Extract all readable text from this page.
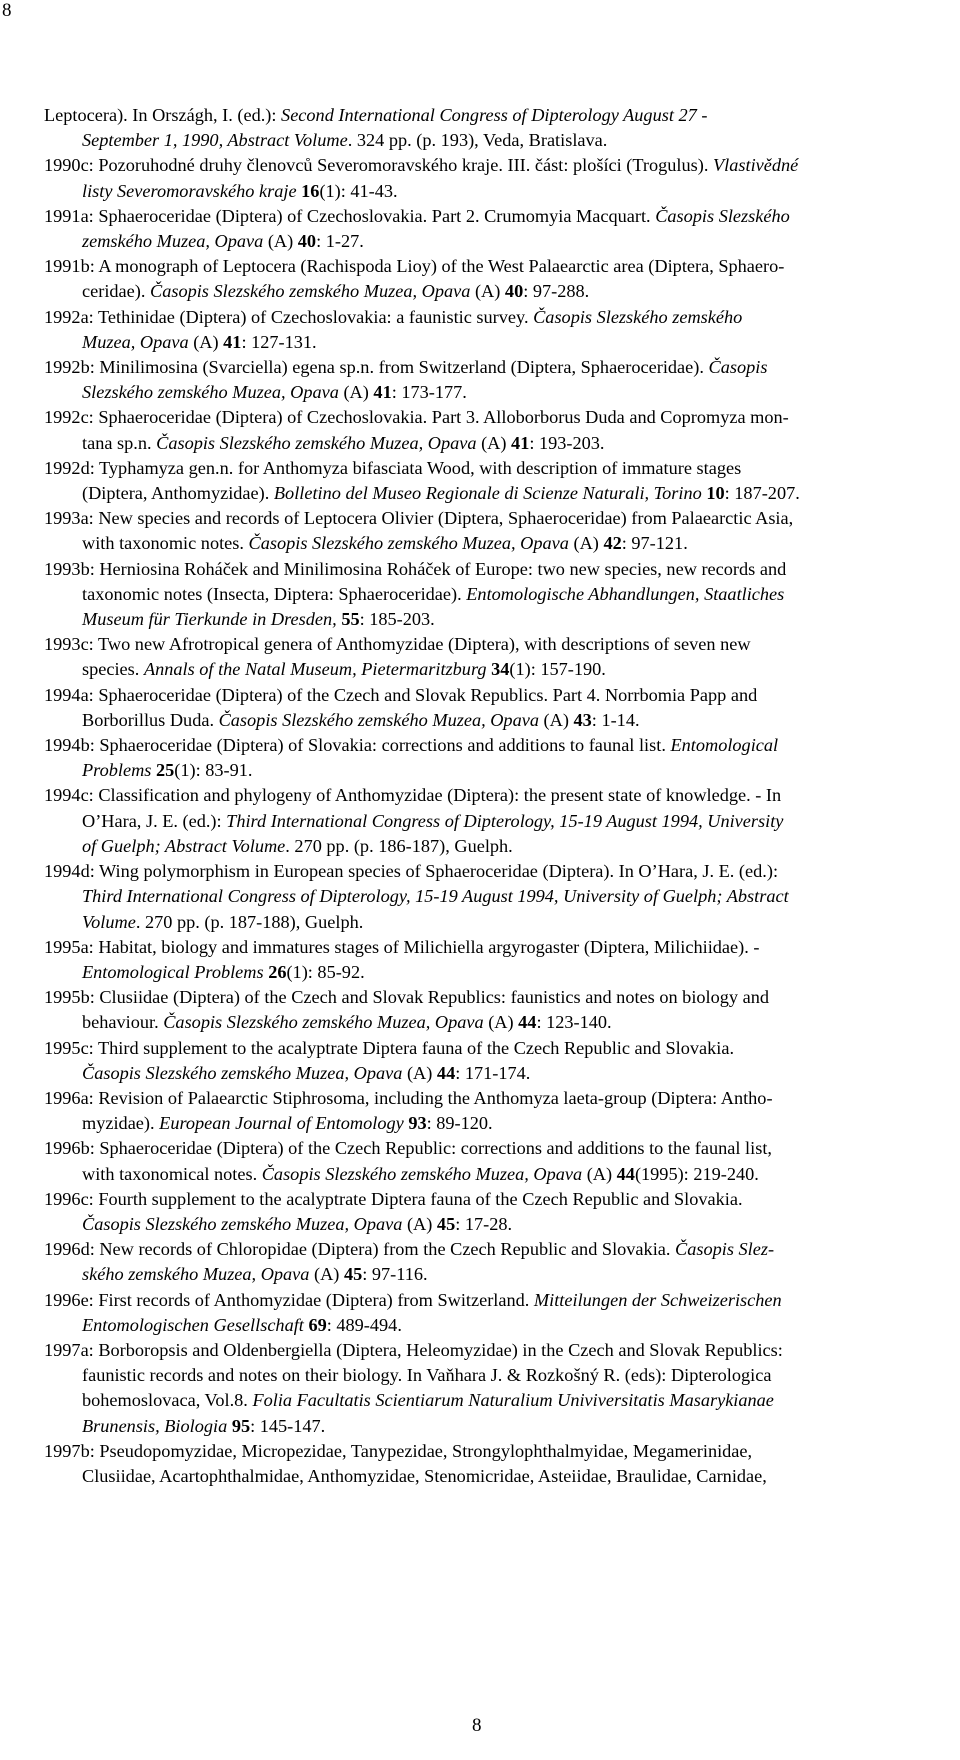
8

Leptocera). In Országh, I. (ed.): Second International Congress of Dipterology August 27 -
September 1, 1990, Abstract Volume. 324 pp. (p. 193), Veda, Bratislava.

1990c: Pozoruhodné druhy členovců Severomoravského kraje. III. část: plošíci (Trogulus). Vlastivědné
listy Severomoravského kraje 16(1): 41-43.

1991a: Sphaeroceridae (Diptera) of Czechoslovakia. Part 2. Crumomyia Macquart. Časopis Slezského
zemského Muzea, Opava (A) 40: 1-27.

1991b: A monograph of Leptocera (Rachispoda Lioy) of the West Palaearctic area (Diptera, Sphaero-
ceridae). Časopis Slezského zemského Muzea, Opava (A) 40: 97-288.

1992a: Tethinidae (Diptera) of Czechoslovakia: a faunistic survey. Časopis Slezského zemského
Muzea, Opava (A) 41: 127-131.

1992b: Minilimosina (Svarciella) egena sp.n. from Switzerland (Diptera, Sphaeroceridae). Časopis
Slezského zemského Muzea, Opava (A) 41: 173-177.

1992c: Sphaeroceridae (Diptera) of Czechoslovakia. Part 3. Alloborborus Duda and Copromyza mon-
tana sp.n. Časopis Slezského zemského Muzea, Opava (A) 41: 193-203.

1992d: Typhamyza gen.n. for Anthomyza bifasciata Wood, with description of immature stages
(Diptera, Anthomyzidae). Bolletino del Museo Regionale di Scienze Naturali, Torino 10: 187-207.

1993a: New species and records of Leptocera Olivier (Diptera, Sphaeroceridae) from Palaearctic Asia,
with taxonomic notes. Časopis Slezského zemského Muzea, Opava (A) 42: 97-121.

1993b: Herniosina Roháček and Minilimosina Roháček of Europe: two new species, new records and
taxonomic notes (Insecta, Diptera: Sphaeroceridae). Entomologische Abhandlungen, Staatliches
Museum für Tierkunde in Dresden, 55: 185-203.

1993c: Two new Afrotropical genera of Anthomyzidae (Diptera), with descriptions of seven new
species. Annals of the Natal Museum, Pietermaritzburg 34(1): 157-190.

1994a: Sphaeroceridae (Diptera) of the Czech and Slovak Republics. Part 4. Norrbomia Papp and
Borborillus Duda. Časopis Slezského zemského Muzea, Opava (A) 43: 1-14.

1994b: Sphaeroceridae (Diptera) of Slovakia: corrections and additions to faunal list. Entomological
Problems 25(1): 83-91.

1994c: Classification and phylogeny of Anthomyzidae (Diptera): the present state of knowledge. - In
O’Hara, J. E. (ed.): Third International Congress of Dipterology, 15-19 August 1994, University
of Guelph; Abstract Volume. 270 pp. (p. 186-187), Guelph.

1994d: Wing polymorphism in European species of Sphaeroceridae (Diptera). In O’Hara, J. E. (ed.):
Third International Congress of Dipterology, 15-19 August 1994, University of Guelph; Abstract
Volume. 270 pp. (p. 187-188), Guelph.

1995a: Habitat, biology and immatures stages of Milichiella argyrogaster (Diptera, Milichiidae). -
Entomological Problems 26(1): 85-92.

1995b: Clusiidae (Diptera) of the Czech and Slovak Republics: faunistics and notes on biology and
behaviour. Časopis Slezského zemského Muzea, Opava (A) 44: 123-140.

1995c: Third supplement to the acalyptrate Diptera fauna of the Czech Republic and Slovakia.
Časopis Slezského zemského Muzea, Opava (A) 44: 171-174.

1996a: Revision of Palaearctic Stiphrosoma, including the Anthomyza laeta-group (Diptera: Antho-
myzidae). European Journal of Entomology 93: 89-120.

1996b: Sphaeroceridae (Diptera) of the Czech Republic: corrections and additions to the faunal list,
with taxonomical notes. Časopis Slezského zemského Muzea, Opava (A) 44(1995): 219-240.

1996c: Fourth supplement to the acalyptrate Diptera fauna of the Czech Republic and Slovakia.
Časopis Slezského zemského Muzea, Opava (A) 45: 17-28.

1996d: New records of Chloropidae (Diptera) from the Czech Republic and Slovakia. Časopis Slez-
ského zemského Muzea, Opava (A) 45: 97-116.

1996e: First records of Anthomyzidae (Diptera) from Switzerland. Mitteilungen der Schweizerischen
Entomologischen Gesellschaft 69: 489-494.

1997a: Borboropsis and Oldenbergiella (Diptera, Heleomyzidae) in the Czech and Slovak Republics:
faunistic records and notes on their biology. In Vaňhara J. & Rozkošný R. (eds): Dipterologica
bohemoslovaca, Vol.8. Folia Facultatis Scientiarum Naturalium Univiversitatis Masarykianae
Brunensis, Biologia 95: 145-147.

1997b: Pseudopomyzidae, Micropezidae, Tanypezidae, Strongylophthalmyidae, Megamerinidae,
Clusiidae, Acartophthalmidae, Anthomyzidae, Stenomicridae, Asteiidae, Braulidae, Carnidae,

8
